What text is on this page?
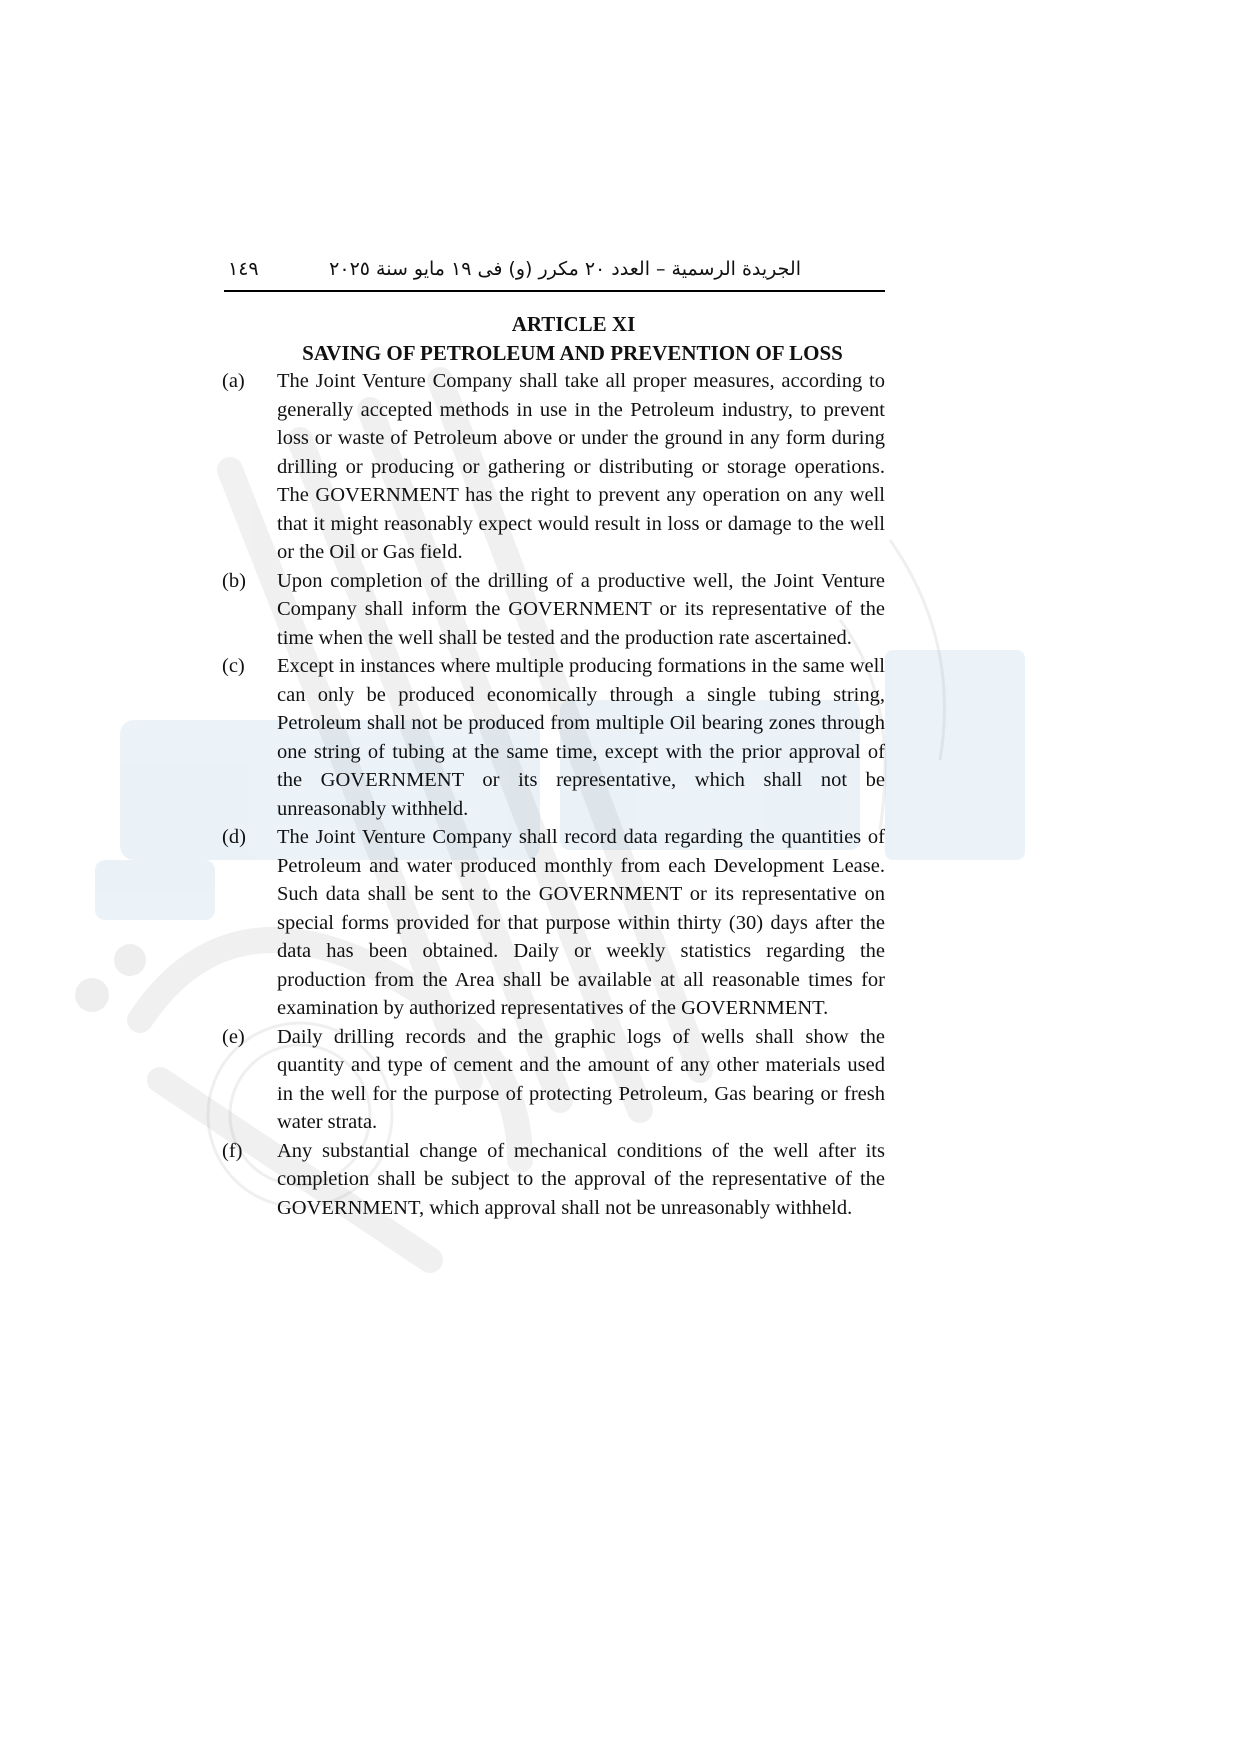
١٤٩	الجريدة الرسمية – العدد ٢٠ مكرر (و) فى ١٩ مايو سنة ٢٠٢٥
ARTICLE XI
SAVING OF PETROLEUM AND PREVENTION OF LOSS
(a)	The Joint Venture Company shall take all proper measures, according to generally accepted methods in use in the Petroleum industry, to prevent loss or waste of Petroleum above or under the ground in any form during drilling or producing or gathering or distributing or storage operations. The GOVERNMENT has the right to prevent any operation on any well that it might reasonably expect would result in loss or damage to the well or the Oil or Gas field.
(b)	Upon completion of the drilling of a productive well, the Joint Venture Company shall inform the GOVERNMENT or its representative of the time when the well shall be tested and the production rate ascertained.
(c)	Except in instances where multiple producing formations in the same well can only be produced economically through a single tubing string, Petroleum shall not be produced from multiple Oil bearing zones through one string of tubing at the same time, except with the prior approval of the GOVERNMENT or its representative, which shall not be unreasonably withheld.
(d)	The Joint Venture Company shall record data regarding the quantities of Petroleum and water produced monthly from each Development Lease. Such data shall be sent to the GOVERNMENT or its representative on special forms provided for that purpose within thirty (30) days after the data has been obtained. Daily or weekly statistics regarding the production from the Area shall be available at all reasonable times for examination by authorized representatives of the GOVERNMENT.
(e)	Daily drilling records and the graphic logs of wells shall show the quantity and type of cement and the amount of any other materials used in the well for the purpose of protecting Petroleum, Gas bearing or fresh water strata.
(f)	Any substantial change of mechanical conditions of the well after its completion shall be subject to the approval of the representative of the GOVERNMENT, which approval shall not be unreasonably withheld.
